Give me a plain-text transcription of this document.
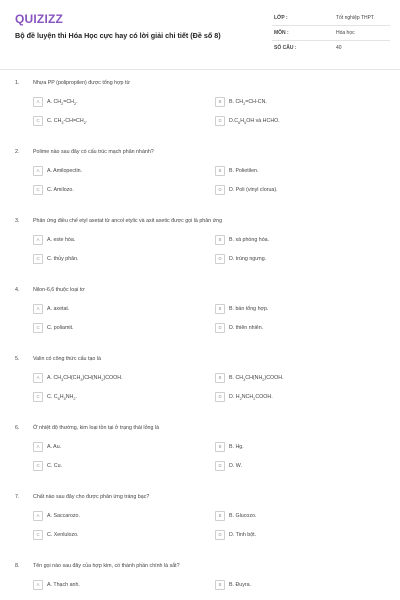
QUIZIZZ
Bộ đề luyện thi Hóa Học cực hay có lời giải chi tiết (Đề số 8)
LỚP :	Tốt nghiệp THPT
MÔN :	Hóa học
SỐ CÂU :	40
1.	Nhựa PP (polipropilen) được tổng hợp từ
A	A. $CH_2=CH_2$.	B	B. $CH_2=CH-CN$.
C	C. $CH_3-CH=CH_2$.	D	$D.C_6H_5OH$ và HCHO.
2.	Polime nào sau đây có cấu trúc mạch phân nhánh?
A	A. Amilopectin.	B	B. Polietilen.
C	C. Amilozo.	D	D. Poli (vinyl clorua).
3.	Phản ứng điều chế etyl axetat từ ancol etylic và axit axetic được gọi là phản ứng
A	A. este hóa.	B	B. xà phòng hóa.
C	C. thủy phân.	D	D. trùng ngưng.
4.	Nilon-6,6 thuộc loại tơ
A	A. axetat.	B	B. bán tổng hợp.
C	C. poliamit.	D	D. thiên nhiên.
5.	Valin có công thức cấu tạo là
A	A. $CH_3CH(CH_3)CH(NH_2)COOH$.	B	B. $CH_3CH(NH_2)COOH$.
C	C. $C_6H_5NH_2$.	D	D. $H_2NCH_2COOH$.
6.	Ở nhiệt độ thường, kim loại tồn tại ở trạng thái lỏng là
A	A. Au.	B	B. Hg.
C	C. Cu.	D	D. W.
7.	Chất nào sau đây cho được phản ứng tráng bạc?
A	A. Saccarozo.	B	B. Glucozo.
C	C. Xenlulozo.	D	D. Tinh bột.
8.	Tên gọi nào sau đây của hợp kim, có thành phần chính là sắt?
A	A. Thạch anh.	B	B. Đuyra.
